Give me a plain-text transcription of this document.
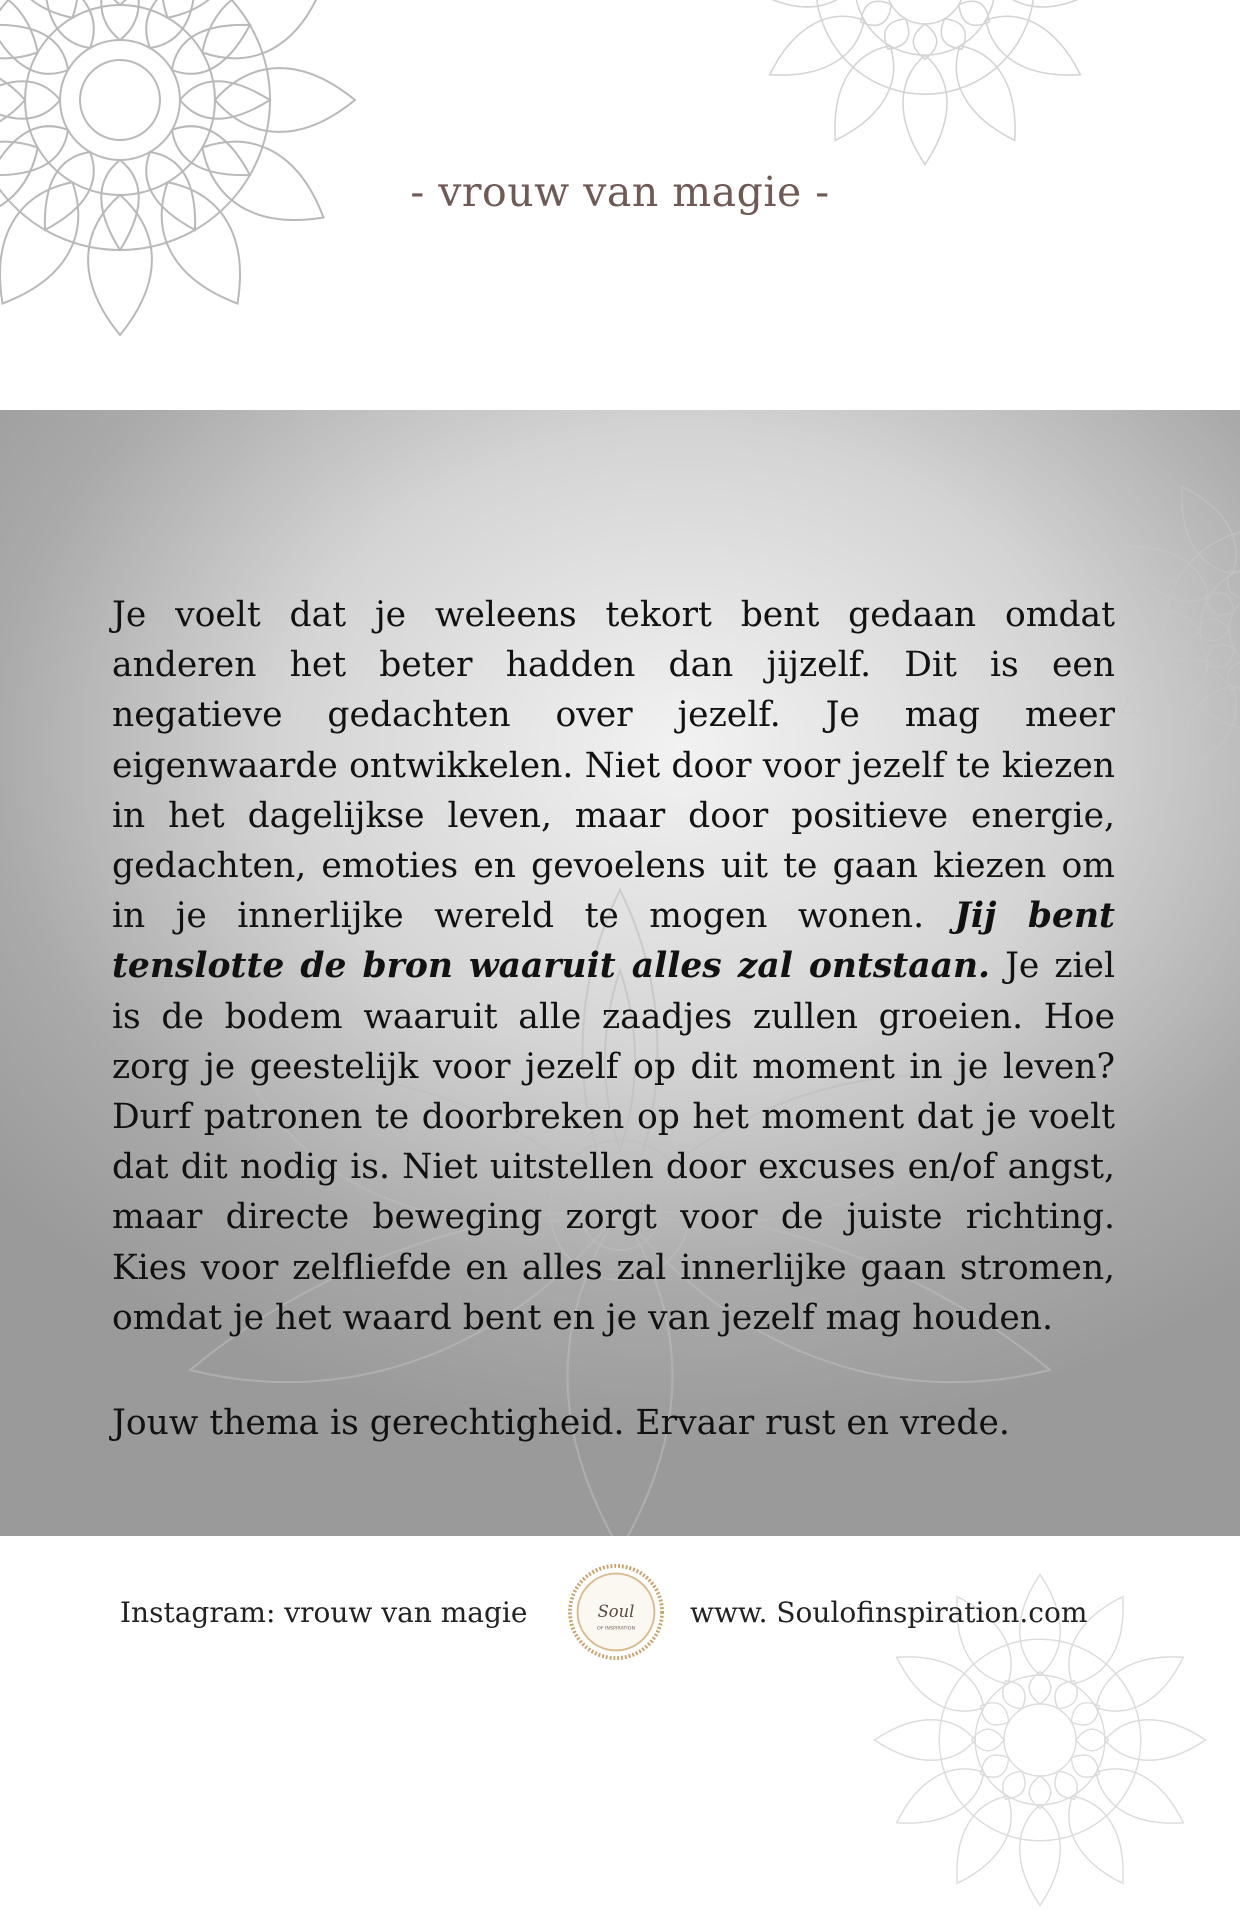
- vrouw van magie -

Je voelt dat je weleens tekort bent gedaan omdat anderen het beter hadden dan jijzelf. Dit is een negatieve gedachten over jezelf. Je mag meer eigenwaarde ontwikkelen. Niet door voor jezelf te kiezen in het dagelijkse leven, maar door positieve energie, gedachten, emoties en gevoelens uit te gaan kiezen om in je innerlijke wereld te mogen wonen. Jij bent tenslotte de bron waaruit alles zal ontstaan. Je ziel is de bodem waaruit alle zaadjes zullen groeien. Hoe zorg je geestelijk voor jezelf op dit moment in je leven? Durf patronen te doorbreken op het moment dat je voelt dat dit nodig is. Niet uitstellen door excuses en/of angst, maar directe beweging zorgt voor de juiste richting. Kies voor zelfliefde en alles zal innerlijke gaan stromen, omdat je het waard bent en je van jezelf mag houden.

Jouw thema is gerechtigheid. Ervaar rust en vrede.

Instagram: vrouw van magie	Soul
OF INSPIRATION www. Soulofinspiration.com
